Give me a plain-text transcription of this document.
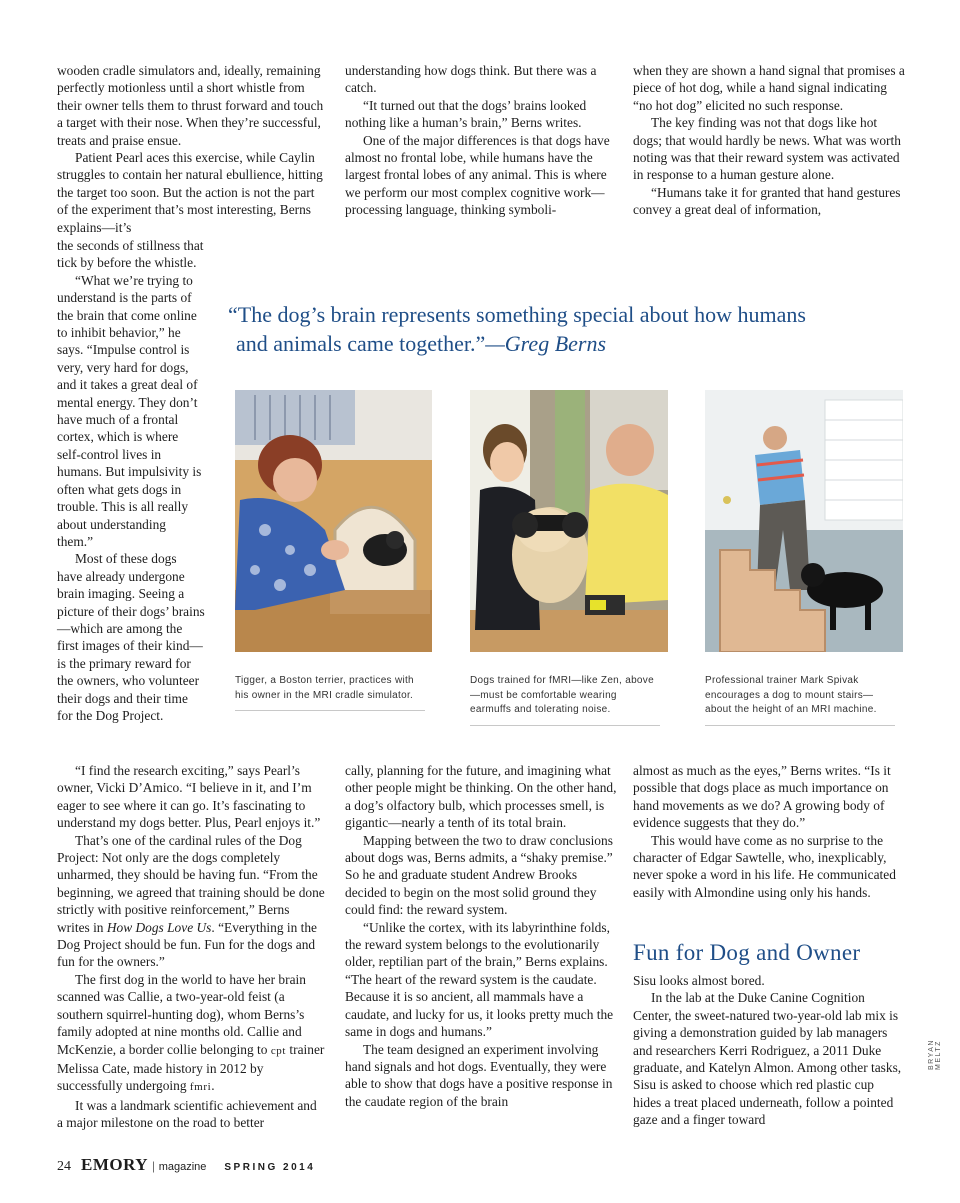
wooden cradle simulators and, ideally, remaining perfectly motionless until a short whistle from their owner tells them to thrust forward and touch a target with their nose. When they’re successful, treats and praise ensue.

Patient Pearl aces this exercise, while Caylin struggles to contain her natural ebullience, hitting the target too soon. But the action is not the part of the experiment that’s most interesting, Berns explains—it’s

the seconds of stillness that tick by before the whistle.

“What we’re trying to understand is the parts of the brain that come online to inhibit behavior,” he says. “Impulse control is very, very hard for dogs, and it takes a great deal of mental energy. They don’t have much of a frontal cortex, which is where self-control lives in humans. But impulsivity is often what gets dogs in trouble. This is all really about understanding them.”

Most of these dogs have already undergone brain imaging. Seeing a picture of their dogs’ brains—which are among the first images of their kind—is the primary reward for the owners, who volunteer their dogs and their time for the Dog Project.

understanding how dogs think. But there was a catch.

“It turned out that the dogs’ brains looked nothing like a human’s brain,” Berns writes.

One of the major differences is that dogs have almost no frontal lobe, while humans have the largest frontal lobes of any animal. This is where we perform our most complex cognitive work—processing language, thinking symboli-

when they are shown a hand signal that promises a piece of hot dog, while a hand signal indicating “no hot dog” elicited no such response.

The key finding was not that dogs like hot dogs; that would hardly be news. What was worth noting was that their reward system was activated in response to a human gesture alone.

“Humans take it for granted that hand gestures convey a great deal of information,

“The dog’s brain represents something special about how humans
and animals came together.”—Greg Berns
Tigger, a Boston terrier, practices with his owner in the MRI cradle simulator.
Dogs trained for fMRI—like Zen, above—must be comfortable wearing earmuffs and tolerating noise.
Professional trainer Mark Spivak encourages a dog to mount stairs—about the height of an MRI machine.

“I find the research exciting,” says Pearl’s owner, Vicki D’Amico. “I believe in it, and I’m eager to see where it can go. It’s fascinating to understand my dogs better. Plus, Pearl enjoys it.”

That’s one of the cardinal rules of the Dog Project: Not only are the dogs completely unharmed, they should be having fun. “From the beginning, we agreed that training should be done strictly with positive reinforcement,” Berns writes in How Dogs Love Us. “Everything in the Dog Project should be fun. Fun for the dogs and fun for the owners.”

The first dog in the world to have her brain scanned was Callie, a two-year-old feist (a southern squirrel-hunting dog), whom Berns’s family adopted at nine months old. Callie and McKenzie, a border collie belonging to cpt trainer Melissa Cate, made history in 2012 by successfully undergoing fmri.

It was a landmark scientific achievement and a major milestone on the road to better

cally, planning for the future, and imagining what other people might be thinking. On the other hand, a dog’s olfactory bulb, which processes smell, is gigantic—nearly a tenth of its total brain.

Mapping between the two to draw conclusions about dogs was, Berns admits, a “shaky premise.” So he and graduate student Andrew Brooks decided to begin on the most solid ground they could find: the reward system.

“Unlike the cortex, with its labyrinthine folds, the reward system belongs to the evolutionarily older, reptilian part of the brain,” Berns explains. “The heart of the reward system is the caudate. Because it is so ancient, all mammals have a caudate, and lucky for us, it looks pretty much the same in dogs and humans.”

The team designed an experiment involving hand signals and hot dogs. Eventually, they were able to show that dogs have a positive response in the caudate region of the brain

almost as much as the eyes,” Berns writes. “Is it possible that dogs place as much importance on hand movements as we do? A growing body of evidence suggests that they do.”

This would have come as no surprise to the character of Edgar Sawtelle, who, inexplicably, never spoke a word in his life. He communicated easily with Almondine using only his hands.

Fun for Dog and Owner

Sisu looks almost bored.

In the lab at the Duke Canine Cognition Center, the sweet-natured two-year-old lab mix is giving a demonstration guided by lab managers and researchers Kerri Rodriguez, a 2011 Duke graduate, and Katelyn Almon. Among other tasks, Sisu is asked to choose which red plastic cup hides a treat placed underneath, follow a pointed gaze and a finger toward

BRYAN MELTZ
24 EMORY | magazine SPRING 2014
